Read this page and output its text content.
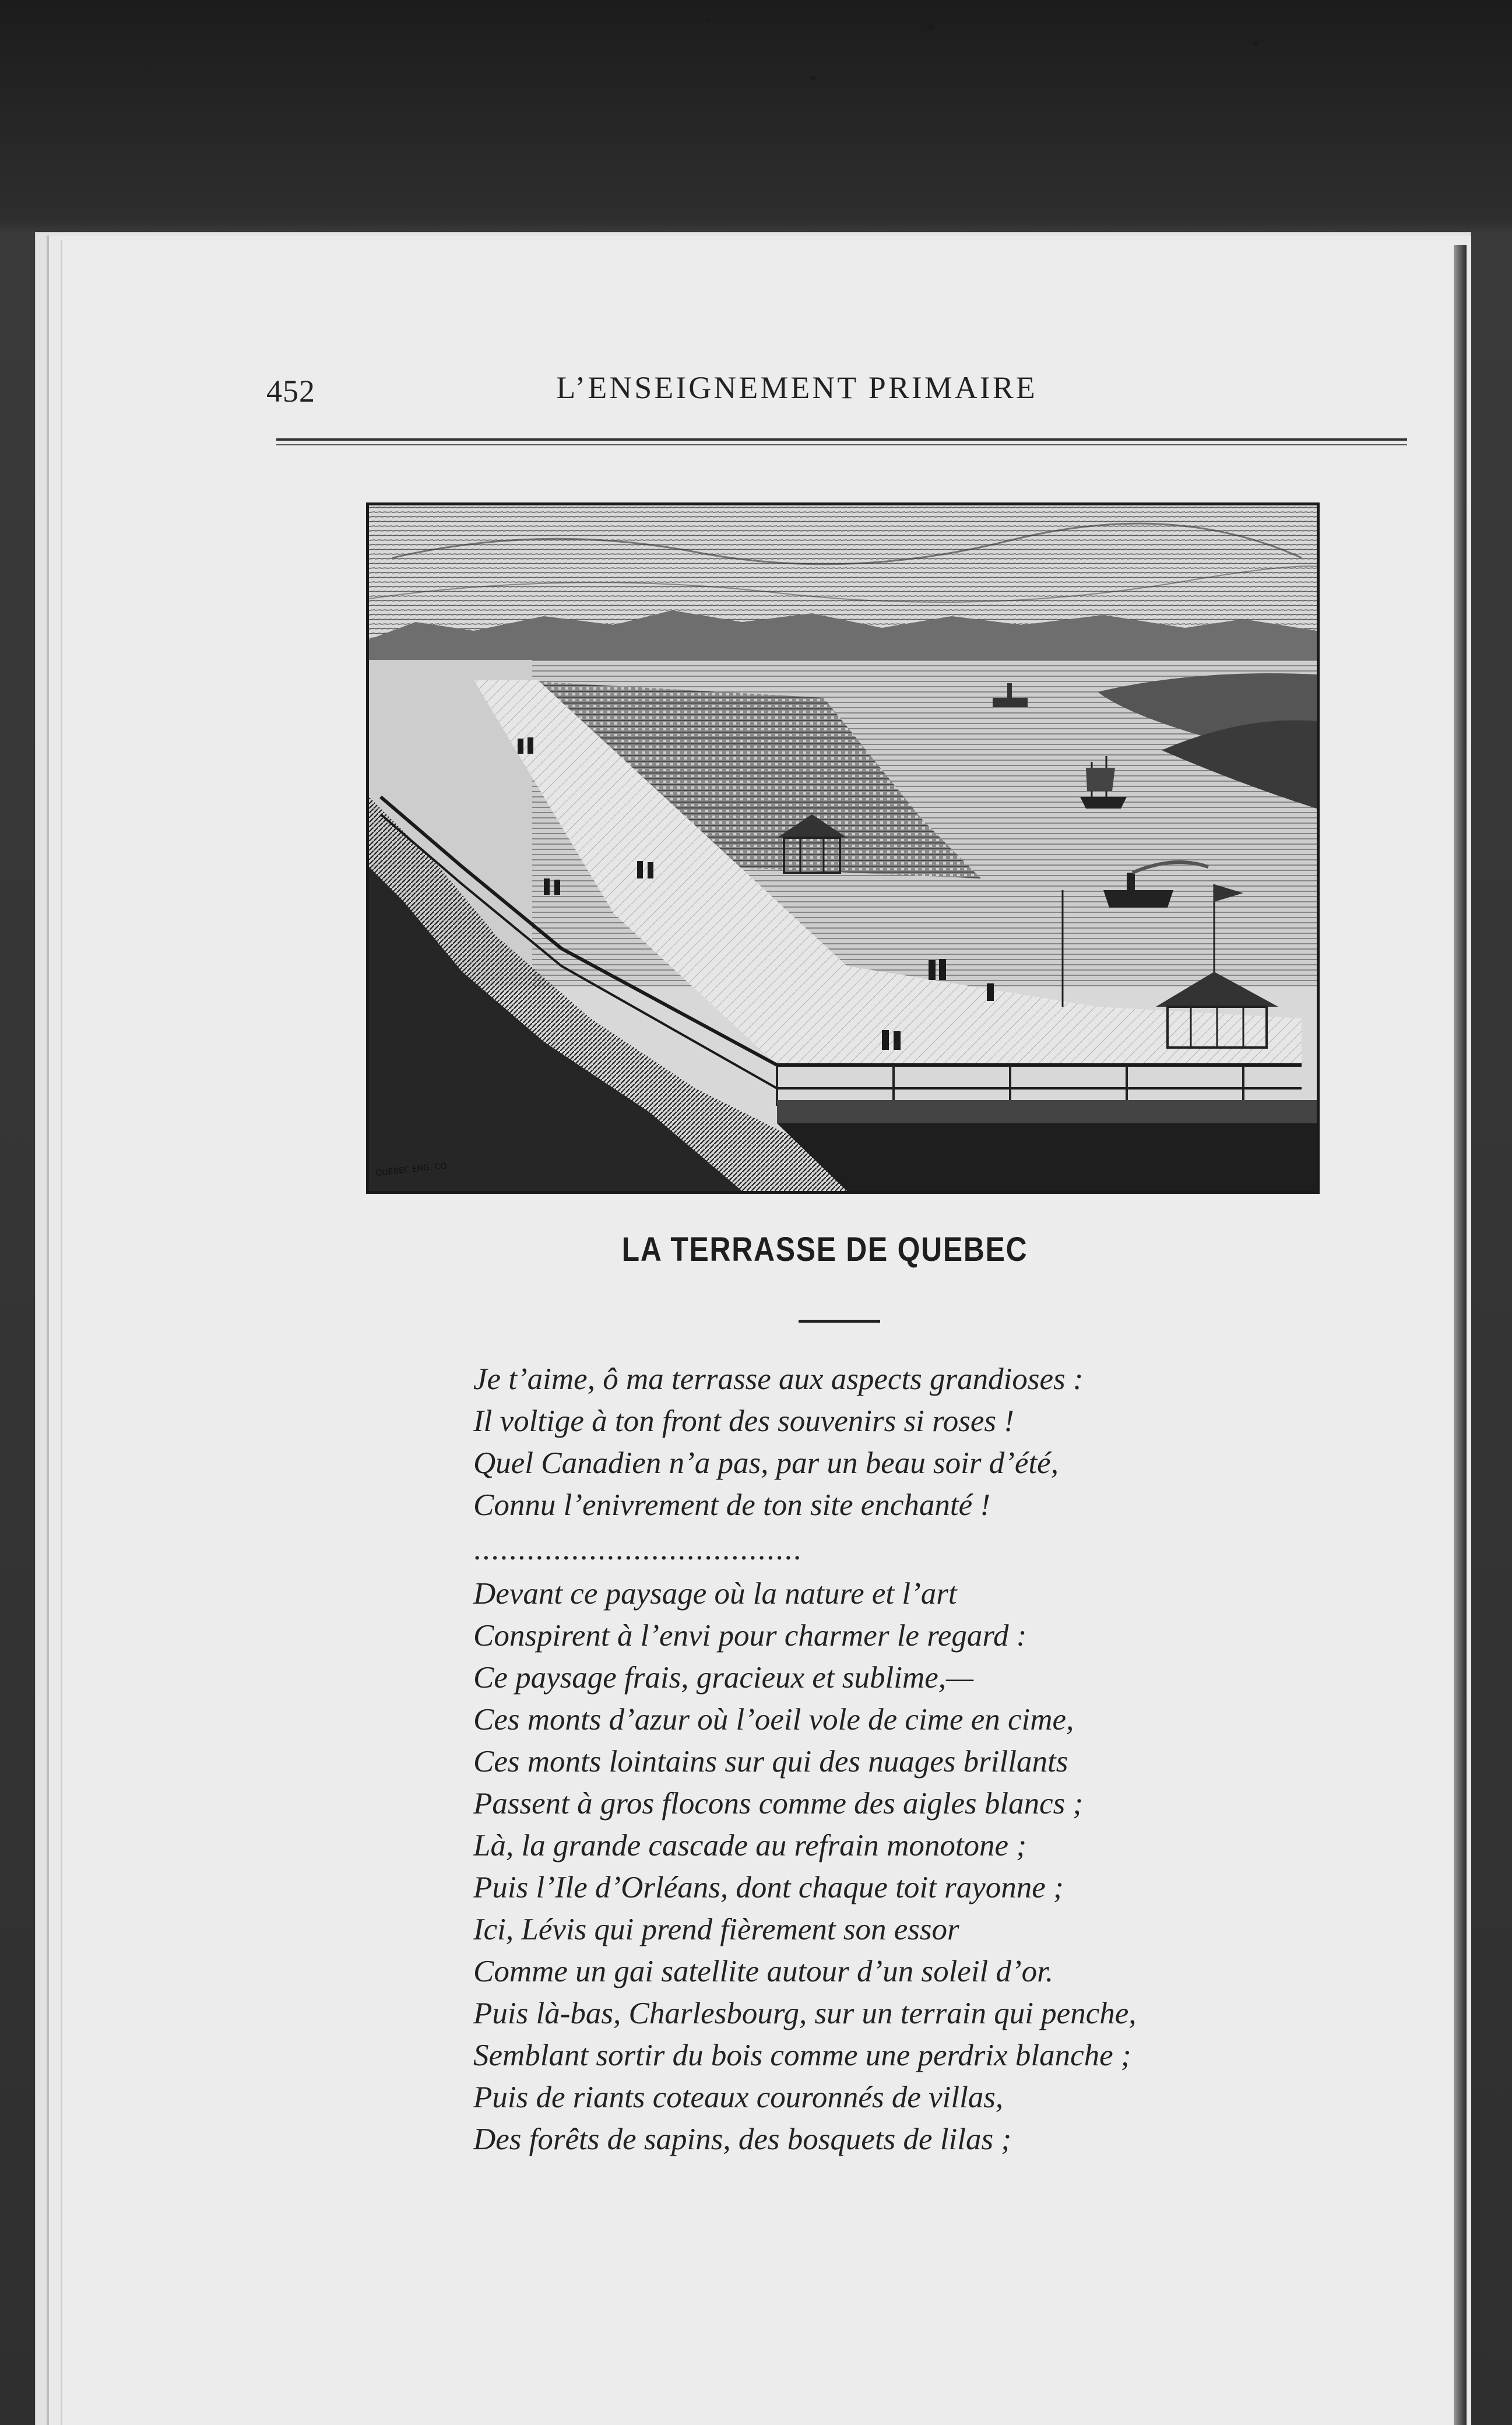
452	L’ENSEIGNEMENT PRIMAIRE
QUEBEC ENG. CO.
LA TERRASSE DE QUEBEC
Je t’aime, ô ma terrasse aux aspects grandioses :
Il voltige à ton front des souvenirs si roses !
Quel Canadien n’a pas, par un beau soir d’été,
Connu l’enivrement de ton site enchanté !
.....................................
Devant ce paysage où la nature et l’art
Conspirent à l’envi pour charmer le regard :
Ce paysage frais, gracieux et sublime,—
Ces monts d’azur où l’oeil vole de cime en cime,
Ces monts lointains sur qui des nuages brillants
Passent à gros flocons comme des aigles blancs ;
Là, la grande cascade au refrain monotone ;
Puis l’Ile d’Orléans, dont chaque toit rayonne ;
Ici, Lévis qui prend fièrement son essor
Comme un gai satellite autour d’un soleil d’or.
Puis là-bas, Charlesbourg, sur un terrain qui penche,
Semblant sortir du bois comme une perdrix blanche ;
Puis de riants coteaux couronnés de villas,
Des forêts de sapins, des bosquets de lilas ;
